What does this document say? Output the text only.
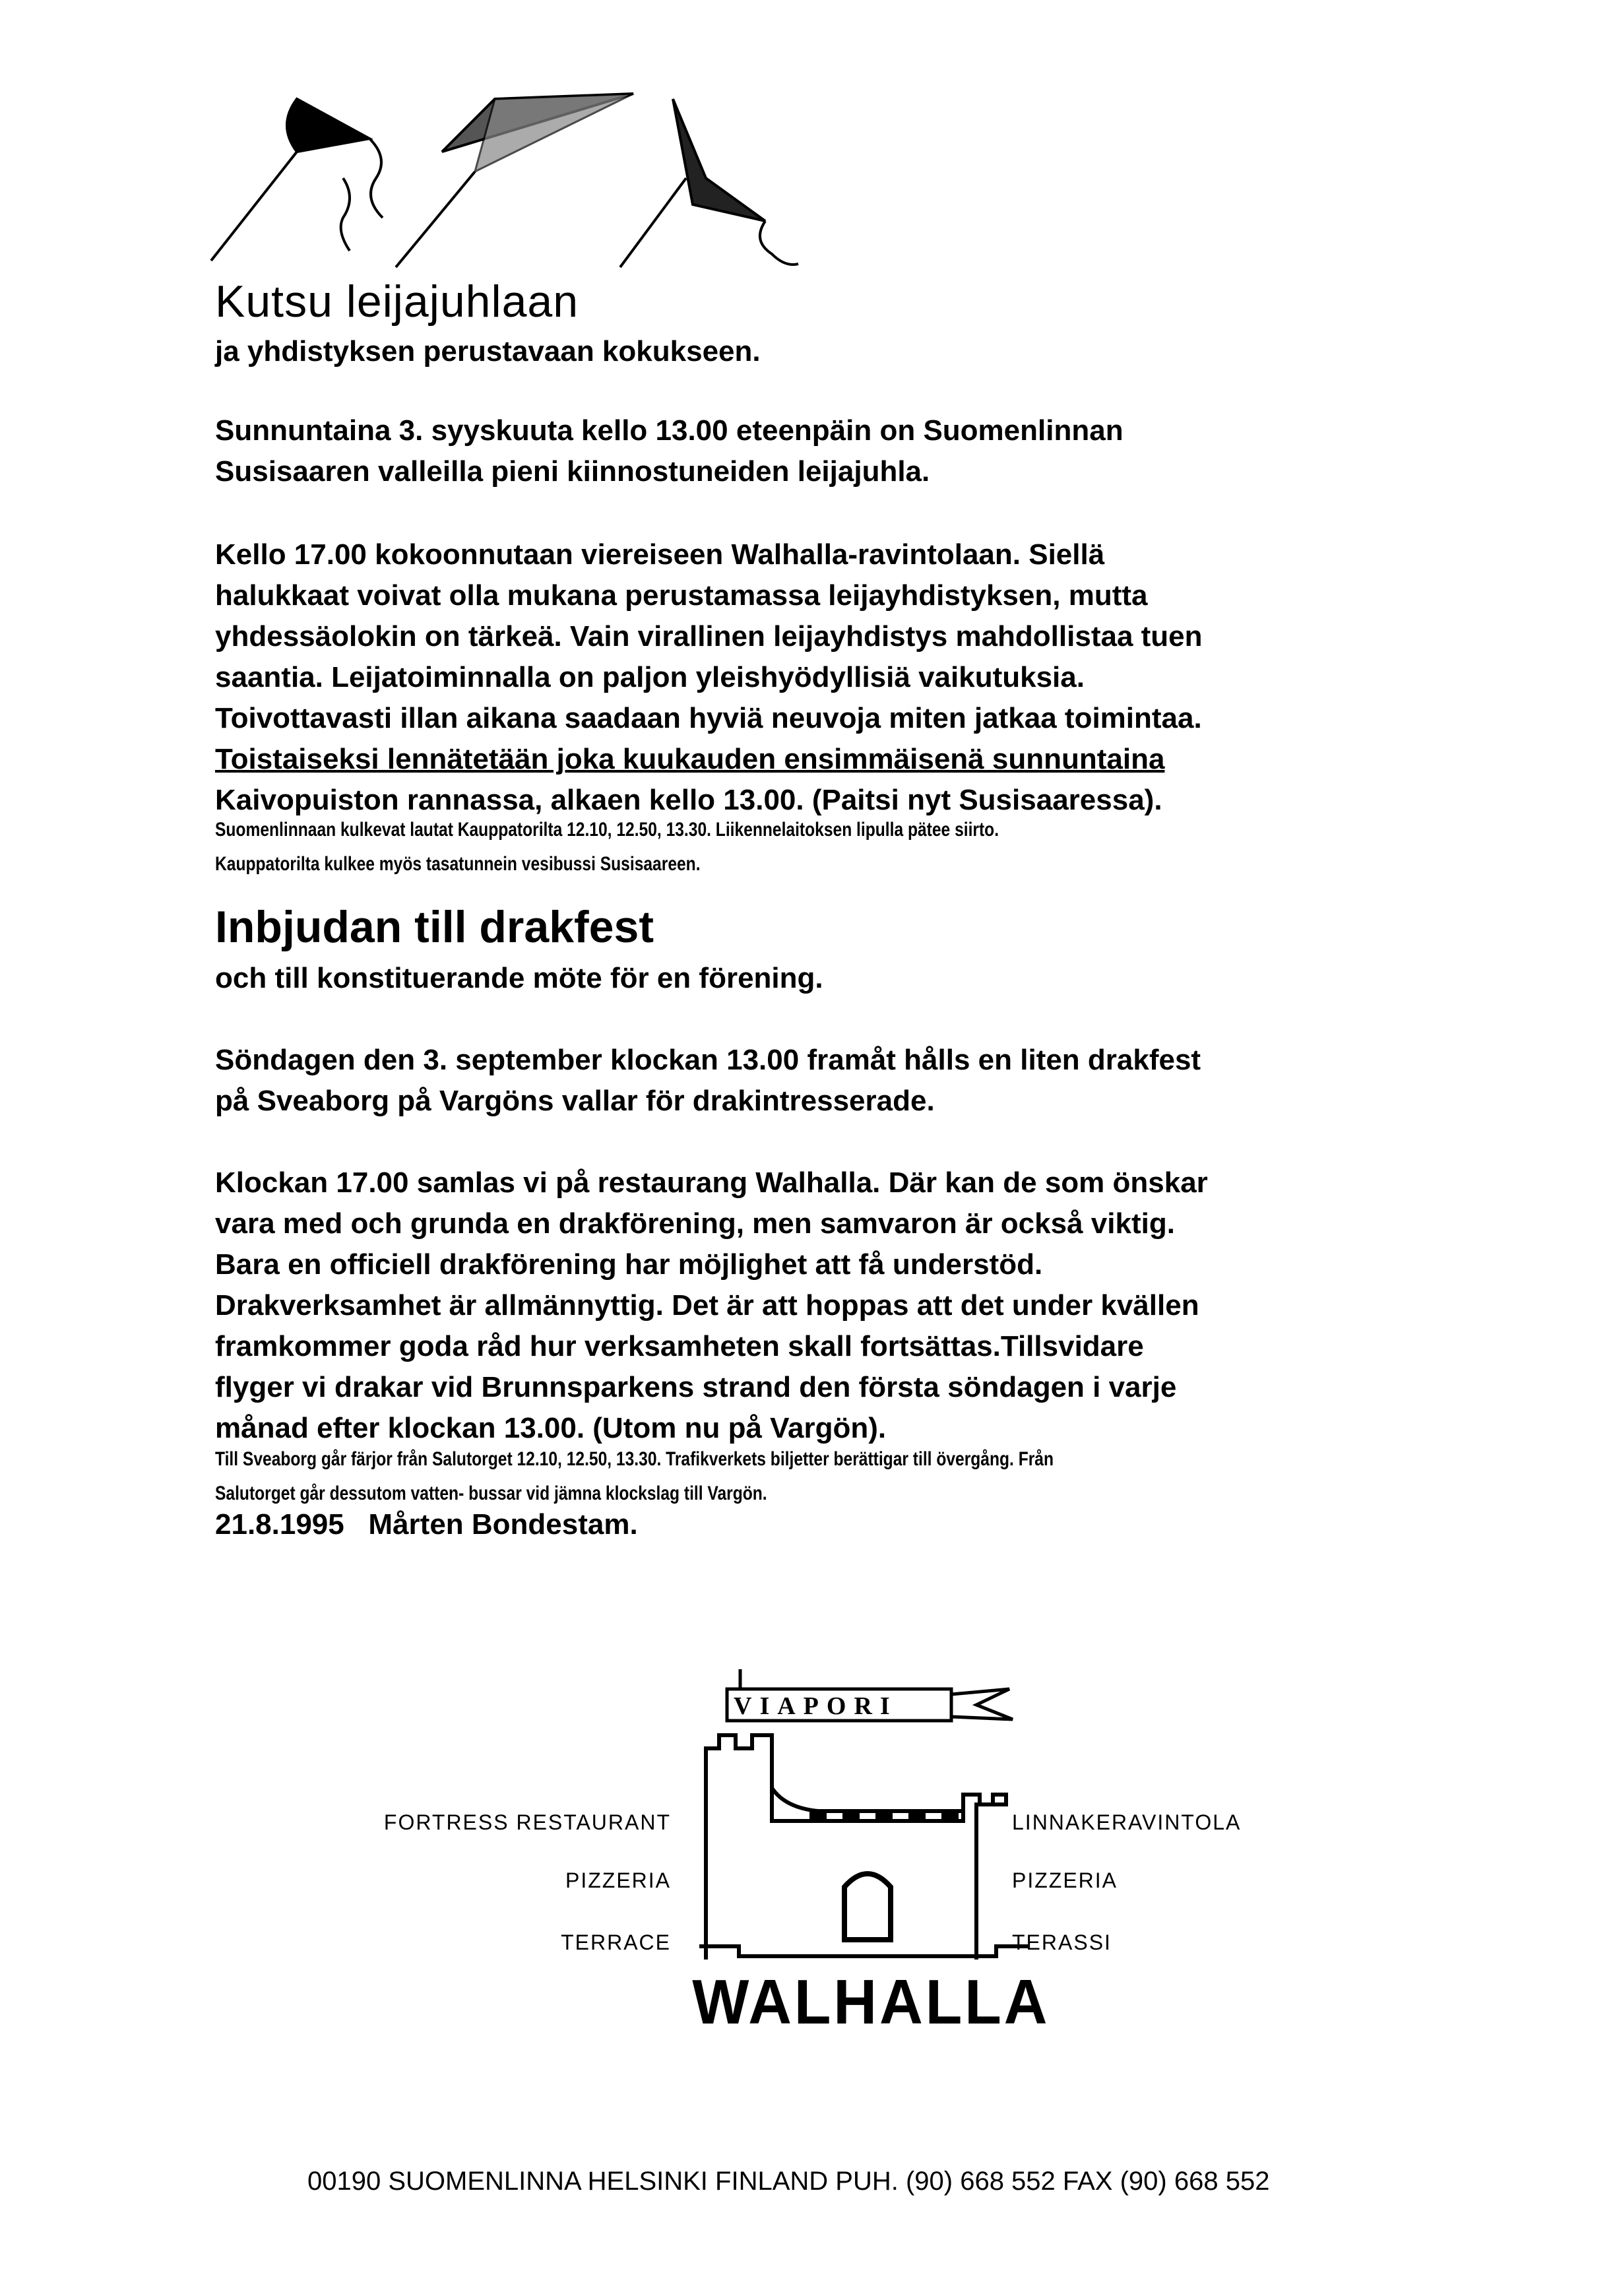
Kutsu leijajuhlaan
ja yhdistyksen perustavaan kokukseen.
Sunnuntaina 3. syyskuuta kello 13.00 eteenpäin on Suomenlinnan
Susisaaren valleilla pieni kiinnostuneiden leijajuhla.
Kello 17.00 kokoonnutaan viereiseen Walhalla-ravintolaan. Siellä
halukkaat voivat olla mukana perustamassa leijayhdistyksen, mutta
yhdessäolokin on tärkeä. Vain virallinen leijayhdistys mahdollistaa tuen
saantia. Leijatoiminnalla on paljon yleishyödyllisiä vaikutuksia.
Toivottavasti illan aikana saadaan hyviä neuvoja miten jatkaa toimintaa.
Toistaiseksi lennätetään joka kuukauden ensimmäisenä sunnuntaina
Kaivopuiston rannassa, alkaen kello 13.00. (Paitsi nyt Susisaaressa).
Suomenlinnaan kulkevat lautat Kauppatorilta 12.10, 12.50, 13.30. Liikennelaitoksen lipulla pätee siirto.
Kauppatorilta kulkee myös tasatunnein vesibussi Susisaareen.
Inbjudan till drakfest
och till konstituerande möte för en förening.
Söndagen den 3. september klockan 13.00 framåt hålls en liten drakfest
på Sveaborg på Vargöns vallar för drakintresserade.
Klockan 17.00 samlas vi på restaurang Walhalla. Där kan de som önskar
vara med och grunda en drakförening, men samvaron är också viktig.
Bara en officiell drakförening har möjlighet att få understöd.
Drakverksamhet är allmännyttig. Det är att hoppas att det under kvällen
framkommer goda råd hur verksamheten skall fortsättas.Tillsvidare
flyger vi drakar vid Brunnsparkens strand den första söndagen i varje
månad efter klockan 13.00. (Utom nu på Vargön).
Till Sveaborg går färjor från Salutorget 12.10, 12.50, 13.30. Trafikverkets biljetter berättigar till övergång. Från
Salutorget går dessutom vatten- bussar vid jämna klockslag till Vargön.
21.8.1995   Mårten Bondestam.
VIAPORI
FORTRESS RESTAURANT
PIZZERIA
TERRACE
LINNAKERAVINTOLA
PIZZERIA
TERASSI
WALHALLA
00190 SUOMENLINNA HELSINKI FINLAND PUH. (90) 668 552 FAX (90) 668 552
